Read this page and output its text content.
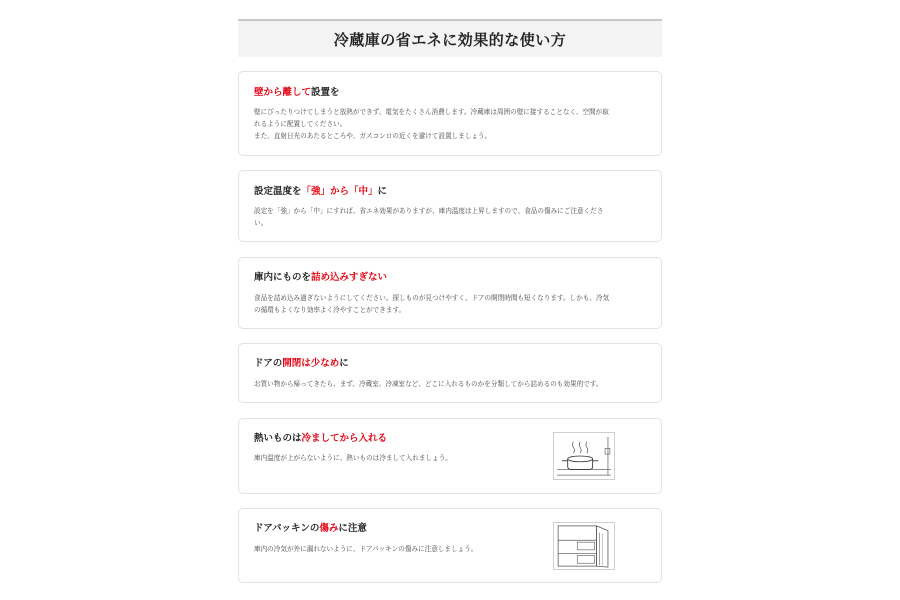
冷蔵庫の省エネに効果的な使い方

壁から離して設置を

壁にぴったりつけてしまうと放熱ができず、電気をたくさん消費します。冷蔵庫は周囲の壁に接することなく、空間が取
れるように配置してください。
また、直射日光のあたるところや、ガスコンロの近くを避けて設置しましょう。

設定温度を「強」から「中」に

設定を「強」から「中」にすれば、省エネ効果がありますが、庫内温度は上昇しますので、食品の傷みにご注意くださ
い。

庫内にものを詰め込みすぎない

食品を詰め込み過ぎないようにしてください。探しものが見つけやすく、ドアの開閉時間も短くなります。しかも、冷気
の循環もよくなり効率よく冷やすことができます。

ドアの開閉は少なめに

お買い物から帰ってきたら、まず、冷蔵室、冷凍室など、どこに入れるものかを分類してから詰めるのも効果的です。

熱いものは冷ましてから入れる

庫内温度が上がらないように、熱いものは冷まして入れましょう。

ドアパッキンの傷みに注意

庫内の冷気が外に漏れないように、ドアパッキンの傷みに注意しましょう。
